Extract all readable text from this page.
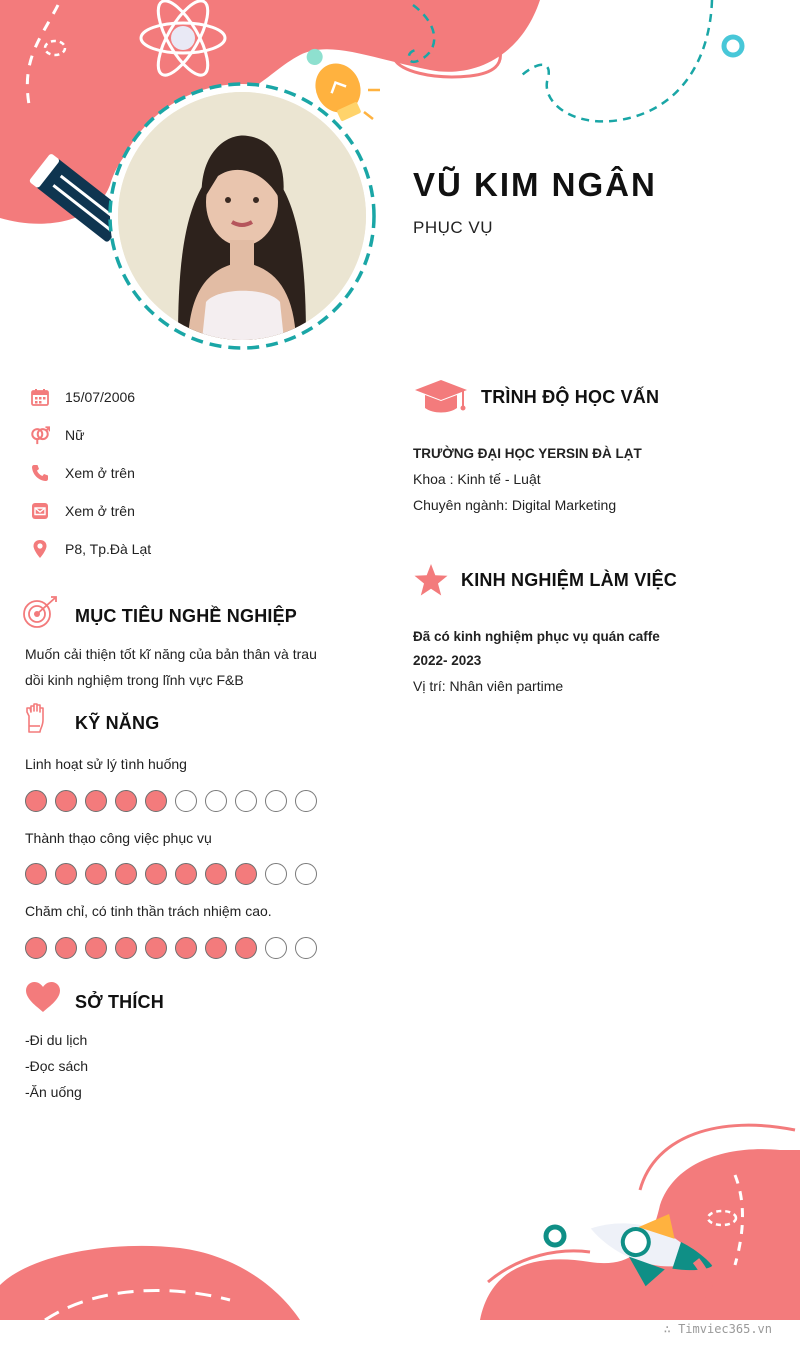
VŨ KIM NGÂN
PHỤC VỤ
15/07/2006
Nữ
Xem ở trên
Xem ở trên
P8, Tp.Đà Lạt
MỤC TIÊU NGHỀ NGHIỆP
Muốn cải thiện tốt kĩ năng của bản thân và trau
dồi kinh nghiệm trong lĩnh vực F&B
KỸ NĂNG
Linh hoạt sử lý tình huống
Thành thạo công việc phục vụ
Chăm chỉ, có tinh thần trách nhiệm cao.
SỞ THÍCH
-Đi du lịch
-Đọc sách
-Ăn uống
TRÌNH ĐỘ HỌC VẤN
TRƯỜNG ĐẠI HỌC YERSIN ĐÀ LẠT
Khoa : Kinh tế - Luật
Chuyên ngành: Digital Marketing
KINH NGHIỆM LÀM VIỆC
Đã có kinh nghiệm phục vụ quán caffe
2022- 2023
Vị trí: Nhân viên partime
∴ Timviec365.vn
